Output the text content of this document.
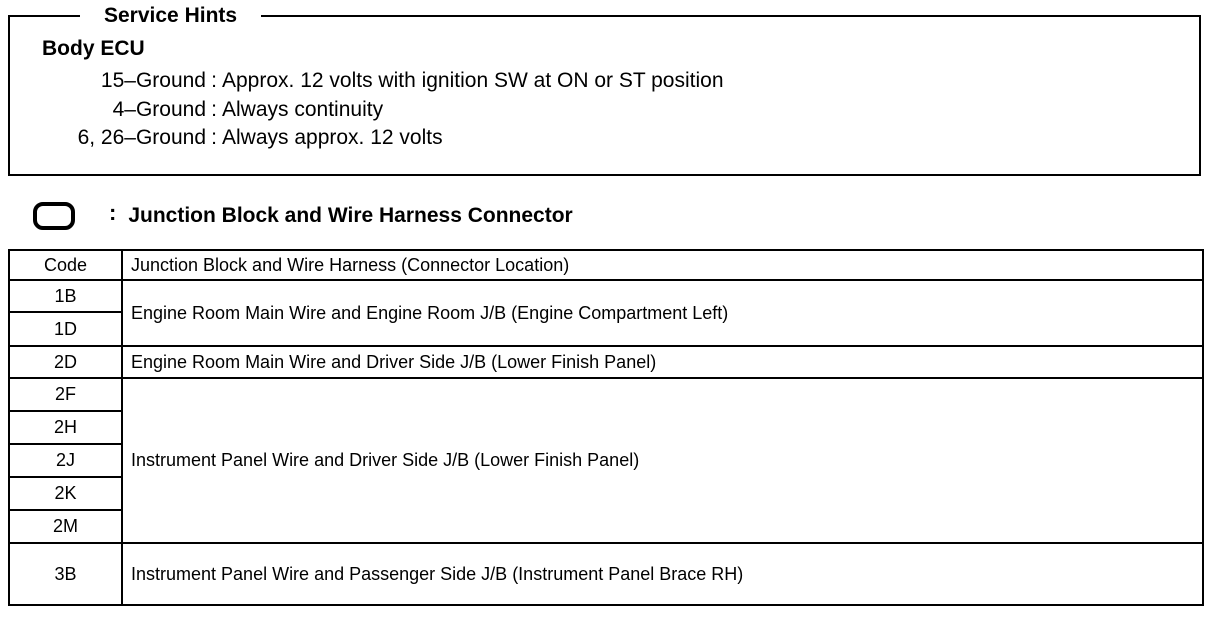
Service Hints
Body ECU
15–Ground : Approx. 12 volts with ignition SW at ON or ST position
4–Ground : Always continuity
6, 26–Ground : Always approx. 12 volts
: Junction Block and Wire Harness Connector
Code	Junction Block and Wire Harness (Connector Location)
1B	Engine Room Main Wire and Engine Room J/B (Engine Compartment Left)
1D	
2D	Engine Room Main Wire and Driver Side J/B (Lower Finish Panel)
2F	Instrument Panel Wire and Driver Side J/B (Lower Finish Panel)
2H	
2J	
2K	
2M	
3B	Instrument Panel Wire and Passenger Side J/B (Instrument Panel Brace RH)
